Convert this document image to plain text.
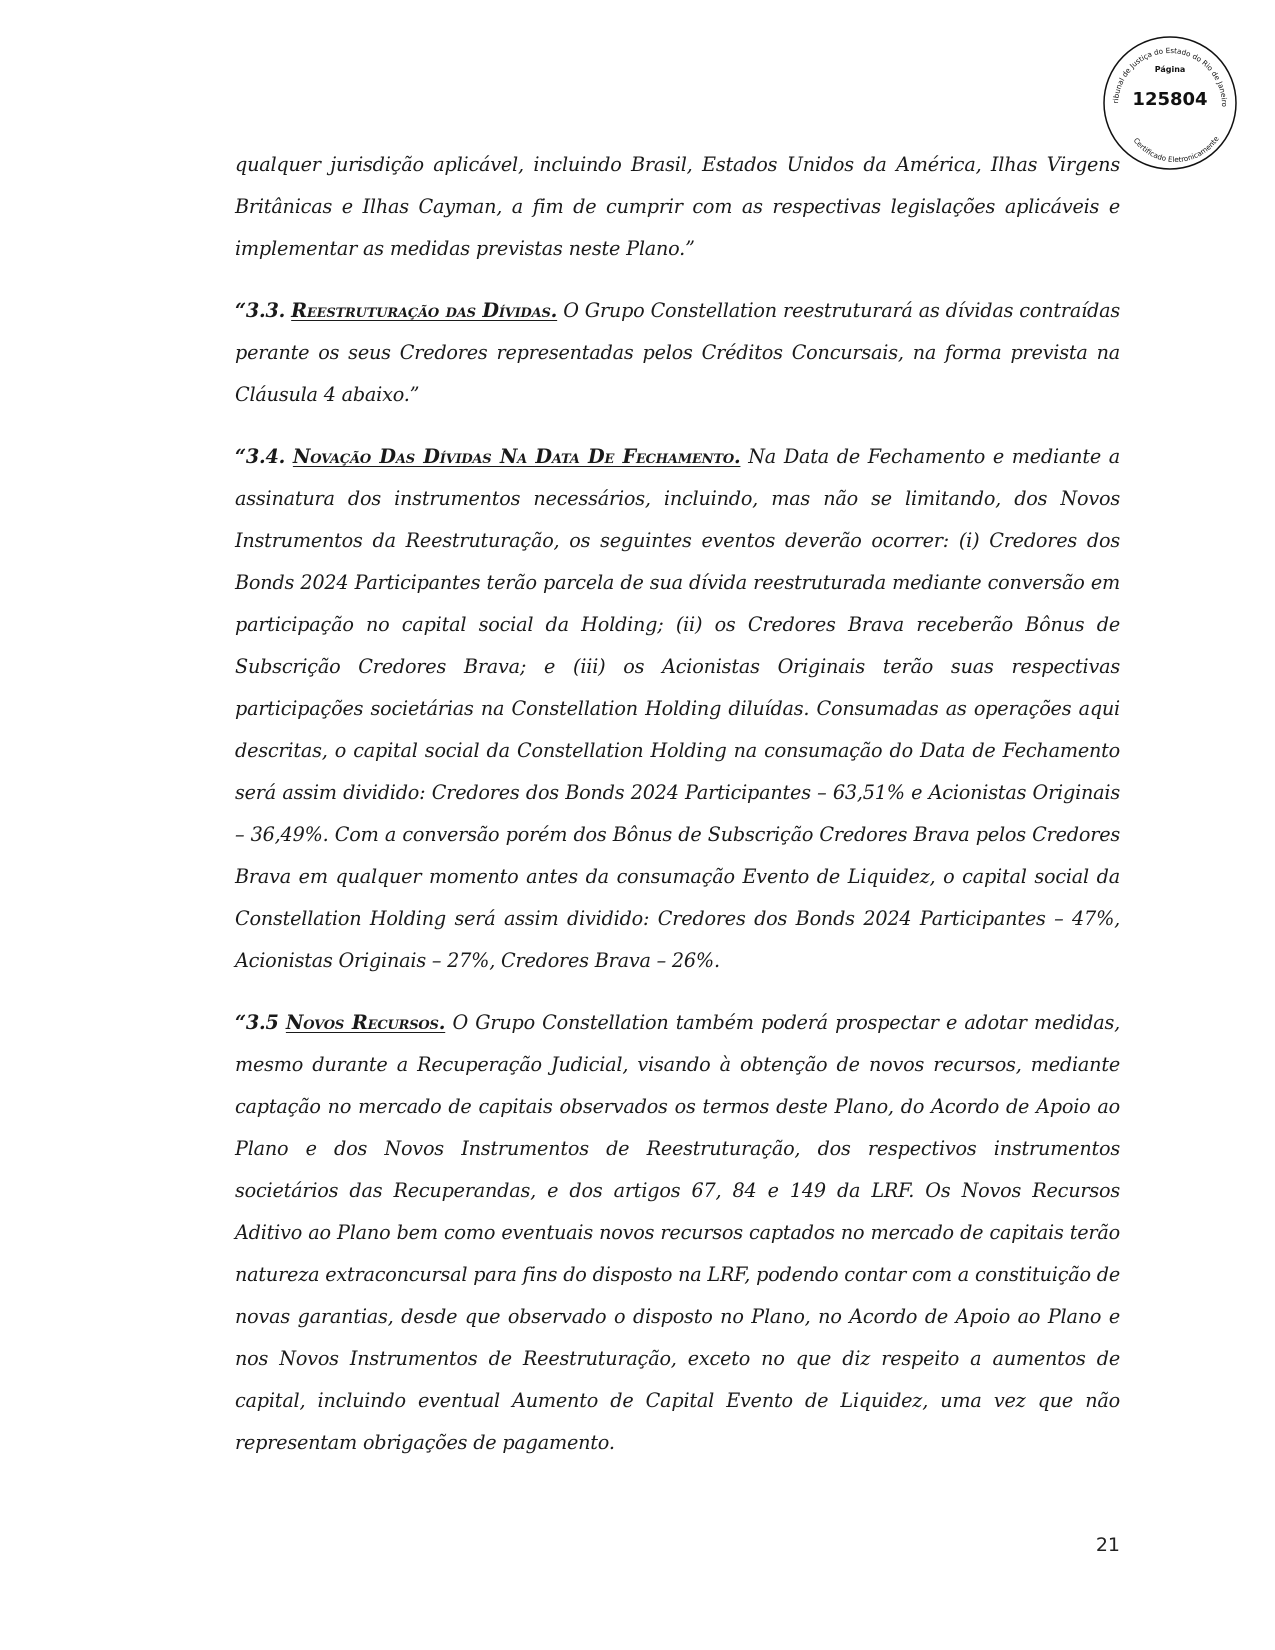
ribunal de Justiça do Estado do Rio de Janeiro
Certificado Eletronicamente
Página
125804

qualquer jurisdição aplicável, incluindo Brasil, Estados Unidos da América, Ilhas Virgens Britânicas e Ilhas Cayman, a fim de cumprir com as respectivas legislações aplicáveis e implementar as medidas previstas neste Plano.”

“3.3. Reestruturação das Dívidas. O Grupo Constellation reestruturará as dívidas contraídas perante os seus Credores representadas pelos Créditos Concursais, na forma prevista na Cláusula 4 abaixo.”

“3.4. Novação Das Dívidas Na Data De Fechamento. Na Data de Fechamento e mediante a assinatura dos instrumentos necessários, incluindo, mas não se limitando, dos Novos Instrumentos da Reestruturação, os seguintes eventos deverão ocorrer: (i) Credores dos Bonds 2024 Participantes terão parcela de sua dívida reestruturada mediante conversão em participação no capital social da Holding; (ii) os Credores Brava receberão Bônus de Subscrição Credores Brava; e (iii) os Acionistas Originais terão suas respectivas participações societárias na Constellation Holding diluídas. Consumadas as operações aqui descritas, o capital social da Constellation Holding na consumação do Data de Fechamento será assim dividido: Credores dos Bonds 2024 Participantes – 63,51% e Acionistas Originais – 36,49%. Com a conversão porém dos Bônus de Subscrição Credores Brava pelos Credores Brava em qualquer momento antes da consumação Evento de Liquidez, o capital social da Constellation Holding será assim dividido: Credores dos Bonds 2024 Participantes – 47%, Acionistas Originais – 27%, Credores Brava – 26%.

“3.5 Novos Recursos. O Grupo Constellation também poderá prospectar e adotar medidas, mesmo durante a Recuperação Judicial, visando à obtenção de novos recursos, mediante captação no mercado de capitais observados os termos deste Plano, do Acordo de Apoio ao Plano e dos Novos Instrumentos de Reestruturação, dos respectivos instrumentos societários das Recuperandas, e dos artigos 67, 84 e 149 da LRF. Os Novos Recursos Aditivo ao Plano bem como eventuais novos recursos captados no mercado de capitais terão natureza extraconcursal para fins do disposto na LRF, podendo contar com a constituição de novas garantias, desde que observado o disposto no Plano, no Acordo de Apoio ao Plano e nos Novos Instrumentos de Reestruturação, exceto no que diz respeito a aumentos de capital, incluindo eventual Aumento de Capital Evento de Liquidez, uma vez que não representam obrigações de pagamento.

21
